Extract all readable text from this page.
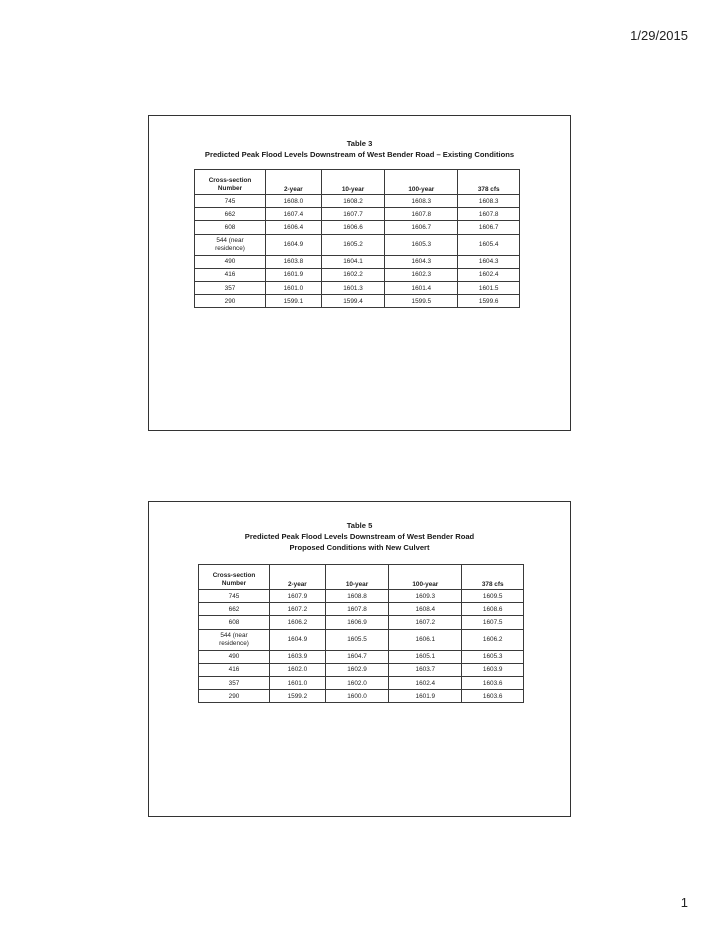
1/29/2015
Table 3
Predicted Peak Flood Levels Downstream of West Bender Road – Existing Conditions
Cross-section
Number	2-year	10-year	100-year	378 cfs
745	1608.0	1608.2	1608.3	1608.3
662	1607.4	1607.7	1607.8	1607.8
608	1606.4	1606.6	1606.7	1606.7
544 (near
residence)	1604.9	1605.2	1605.3	1605.4
490	1603.8	1604.1	1604.3	1604.3
416	1601.9	1602.2	1602.3	1602.4
357	1601.0	1601.3	1601.4	1601.5
290	1599.1	1599.4	1599.5	1599.6
Table 5
Predicted Peak Flood Levels Downstream of West Bender Road
Proposed Conditions with New Culvert
Cross-section
Number	2-year	10-year	100-year	378 cfs
745	1607.9	1608.8	1609.3	1609.5
662	1607.2	1607.8	1608.4	1608.6
608	1606.2	1606.9	1607.2	1607.5
544 (near
residence)	1604.9	1605.5	1606.1	1606.2
490	1603.9	1604.7	1605.1	1605.3
416	1602.0	1602.9	1603.7	1603.9
357	1601.0	1602.0	1602.4	1603.6
290	1599.2	1600.0	1601.9	1603.6
1
